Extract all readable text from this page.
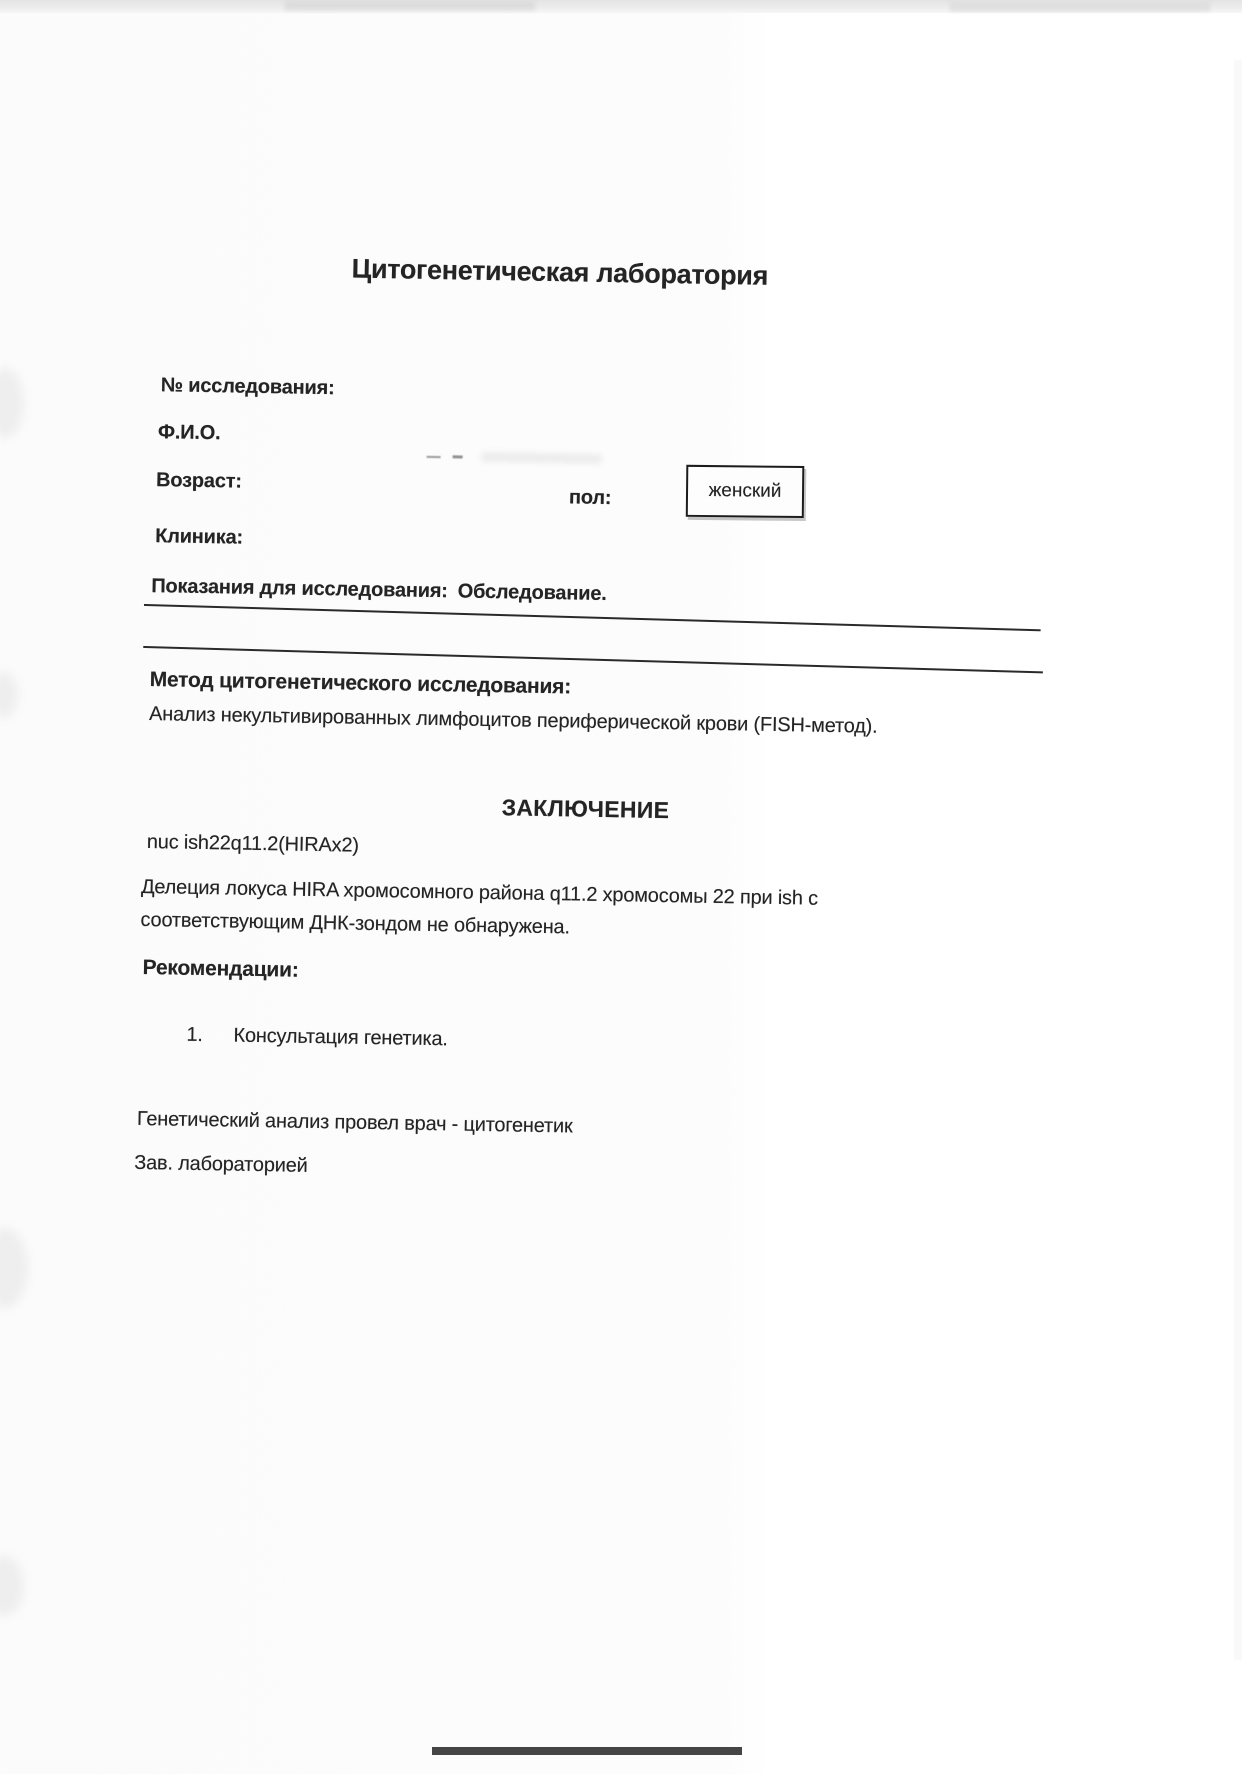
Цитогенетическая лаборатория
№ исследования:
Ф.И.О.
Возраст:
пол:	женский
Клиника:
Показания для исследования: Обследование.
Метод цитогенетического исследования:
Анализ некультивированных лимфоцитов периферической крови (FISH-метод).
ЗАКЛЮЧЕНИЕ
nuc ish22q11.2(HIRAx2)
Делеция локуса HIRA хромосомного района q11.2 хромосомы 22 при ish с соответствующим ДНК-зондом не обнаружена.
Рекомендации:
1. Консультация генетика.
Генетический анализ провел врач - цитогенетик
Зав. лабораторией
